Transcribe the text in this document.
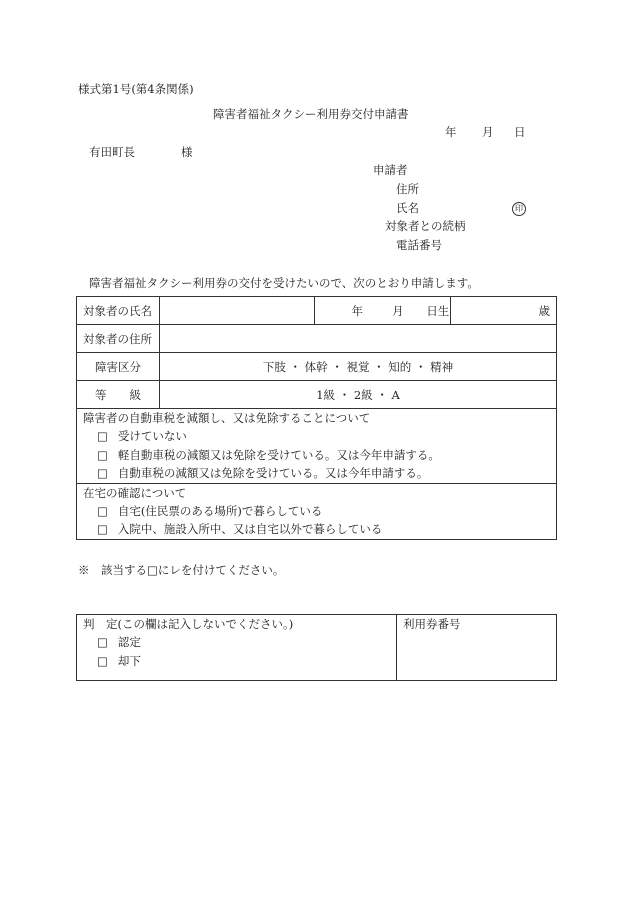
様式第1号(第4条関係)
障害者福祉タクシー利用券交付申請書
年 月 日
有田町長	様
申請者
住所
氏名	印
対象者との続柄
電話番号
障害者福祉タクシー利用券の交付を受けたいので、次のとおり申請します。
対象者の氏名		年 月 日生	歳
対象者の住所			
障害区分	下肢 ・ 体幹 ・ 視覚 ・ 知的 ・ 精神		
等　　級	1級 ・ 2級 ・ A		

障害者の自動車税を減額し、又は免除することについて
□ 受けていない
□ 軽自動車税の減額又は免除を受けている。又は今年申請する。
□ 自動車税の減額又は免除を受けている。又は今年申請する。			

在宅の確認について
□ 自宅(住民票のある場所)で暮らしている
□ 入院中、施設入所中、又は自宅以外で暮らしている			
※　該当する□にレを付けてください。
判　定(この欄は記入しないでください。)
□ 認定
□ 却下

利用券番号
